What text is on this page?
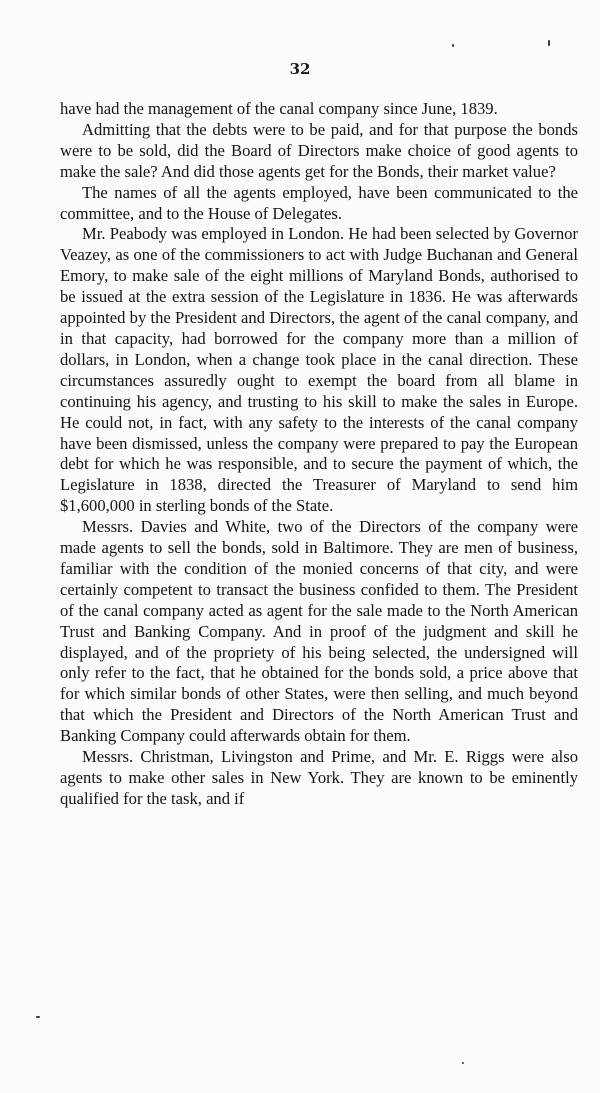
32

have had the management of the canal company since June, 1839.

Admitting that the debts were to be paid, and for that purpose the bonds were to be sold, did the Board of Directors make choice of good agents to make the sale? And did those agents get for the Bonds, their market value?

The names of all the agents employed, have been communicated to the committee, and to the House of Delegates.

Mr. Peabody was employed in London. He had been selected by Governor Veazey, as one of the commissioners to act with Judge Buchanan and General Emory, to make sale of the eight millions of Maryland Bonds, authorised to be issued at the extra session of the Legislature in 1836. He was afterwards appointed by the President and Directors, the agent of the canal company, and in that capacity, had borrowed for the company more than a million of dollars, in London, when a change took place in the canal direction. These circumstances assuredly ought to exempt the board from all blame in continuing his agency, and trusting to his skill to make the sales in Europe. He could not, in fact, with any safety to the interests of the canal company have been dismissed, unless the company were prepared to pay the European debt for which he was responsible, and to secure the payment of which, the Legislature in 1838, directed the Treasurer of Maryland to send him $1,600,000 in sterling bonds of the State.

Messrs. Davies and White, two of the Directors of the company were made agents to sell the bonds, sold in Baltimore. They are men of business, familiar with the condition of the monied concerns of that city, and were certainly competent to transact the business confided to them. The President of the canal company acted as agent for the sale made to the North American Trust and Banking Company. And in proof of the judgment and skill he displayed, and of the propriety of his being selected, the undersigned will only refer to the fact, that he obtained for the bonds sold, a price above that for which similar bonds of other States, were then selling, and much beyond that which the President and Directors of the North American Trust and Banking Company could afterwards obtain for them.

Messrs. Christman, Livingston and Prime, and Mr. E. Riggs were also agents to make other sales in New York. They are known to be eminently qualified for the task, and if
